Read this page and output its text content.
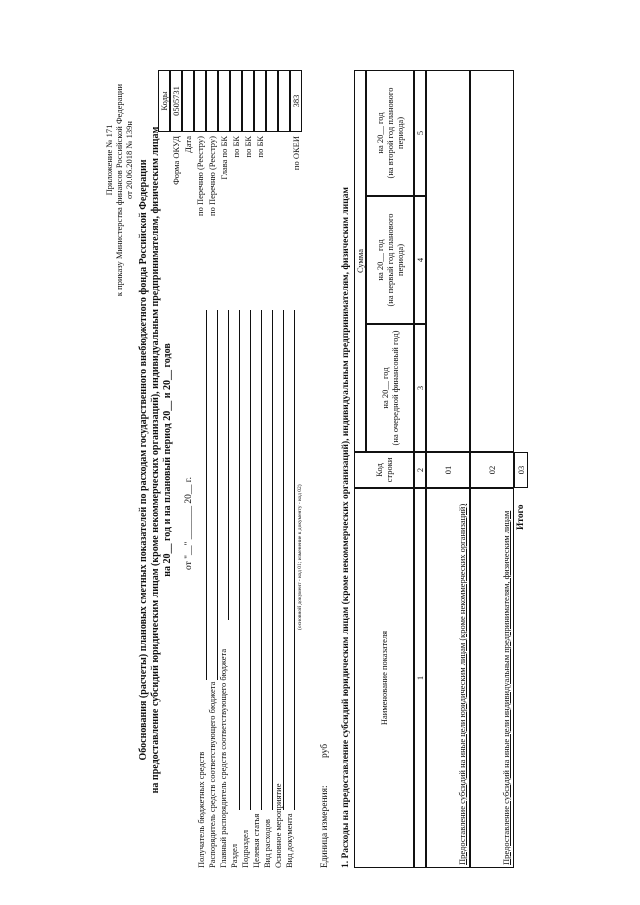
Приложение № 171 к приказу Министерства финансов Российской Федерации от 20.06.2018 № 139н Обоснования (расчеты) плановых сметных показателей по расходам государственного внебюджетного фонда Российской Федерации на предоставление субсидий юридическим лицам (кроме некоммерческих организаций), индивидуальным предпринимателям, физическим лицам на 20__ год и на плановый период 20__ и 20__ годов от "__" _______ 20__ г.
Коды
Форма ОКУД
0505731
Дата по Перечню (Реестру) по Перечню (Реестру) Глава по БК по БК по БК по БК	по ОКЕИ
383
Получатель бюджетных средств Распорядитель средств соответствующего бюджета Главный распорядитель средств соответствующего бюджета Раздел Подраздел Целевая статья Вид расходов Основное мероприятие Вид документа
(основной документ - код 01; изменение к документу - код 02)
Единица измерения:
руб 1. Расходы на предоставление субсидий юридическим лицам (кроме некоммерческих организаций), индивидуальным предпринимателям, физическим лицам	Наименование показателя
Код строки
Сумма
на 20__ год (на очередной финансовый год)
на 20__ год (на первый год планового периода)
на 20__ год (на второй год планового периода)
1
2
3
4
5
Предоставление субсидий на иные цели юридическим лицам (кроме некоммерческих организаций)
01
Предоставление субсидий на иные цели индивидуальным предпринимателям, физическим лицам
02
Итого
03
